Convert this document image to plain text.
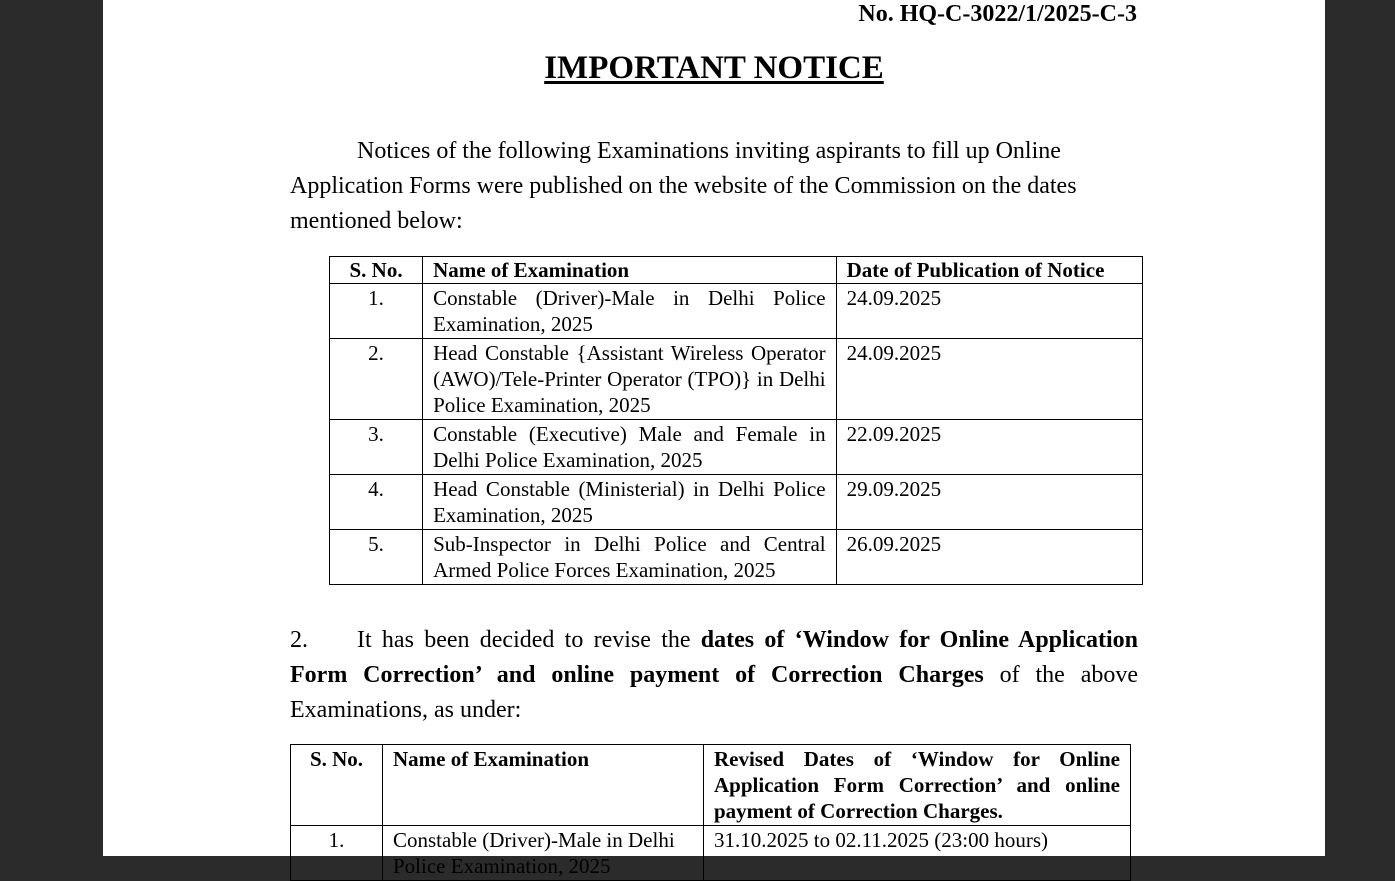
No. HQ-C-3022/1/2025-C-3
IMPORTANT NOTICE
Notices of the following Examinations inviting aspirants to fill up Online
Application Forms were published on the website of the Commission on the dates
mentioned below:
S. No.	Name of Examination	Date of Publication of Notice
1.	Constable (Driver)-Male in Delhi Police Examination, 2025	24.09.2025
2.	Head Constable {Assistant Wireless Operator (AWO)/Tele-Printer Operator (TPO)} in Delhi Police Examination, 2025	24.09.2025
3.	Constable (Executive) Male and Female in Delhi Police Examination, 2025	22.09.2025
4.	Head Constable (Ministerial) in Delhi Police Examination, 2025	29.09.2025
5.	Sub-Inspector in Delhi Police and Central Armed Police Forces Examination, 2025	26.09.2025
2. It has been decided to revise the dates of ‘Window for Online Application Form Correction’ and online payment of Correction Charges of the above Examinations, as under:
S. No.	Name of Examination	Revised Dates of ‘Window for Online Application Form Correction’ and online payment of Correction Charges.
1.	Constable (Driver)-Male in Delhi Police Examination, 2025	31.10.2025 to 02.11.2025 (23:00 hours)
